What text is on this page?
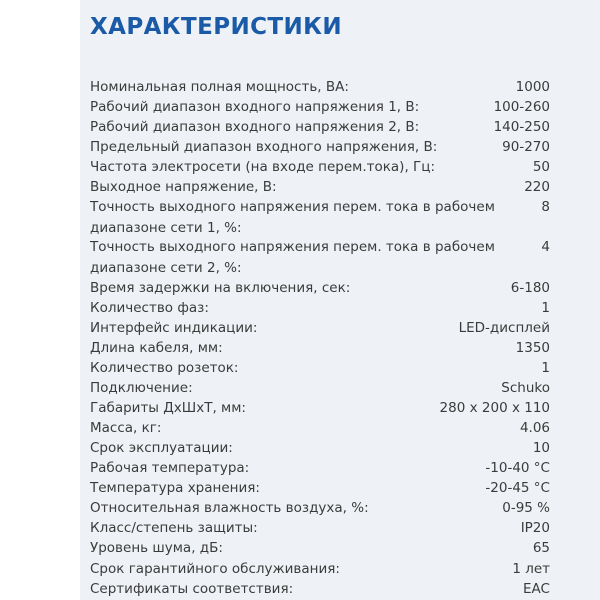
ХАРАКТЕРИСТИКИ
Номинальная полная мощность, ВА:	1000
Рабочий диапазон входного напряжения 1, В:	100-260
Рабочий диапазон входного напряжения 2, В:	140-250
Предельный диапазон входного напряжения, В:	90-270
Частота электросети (на входе перем.тока), Гц:	50
Выходное напряжение, В:	220
Точность выходного напряжения перем. тока в рабочем диапазоне сети 1, %:
8
Точность выходного напряжения перем. тока в рабочем диапазоне сети 2, %:
4
Время задержки на включения, сек:	6-180
Количество фаз:	1
Интерфейс индикации:	LED-дисплей
Длина кабеля, мм:	1350
Количество розеток:	1
Подключение:	Schuko
Габариты ДхШхТ, мм:	280 x 200 x 110
Масса, кг:	4.06
Срок эксплуатации:	10
Рабочая температура:	-10-40 °C
Температура хранения:	-20-45 °C
Относительная влажность воздуха, %:	0-95 %
Класс/степень защиты:	IP20
Уровень шума, дБ:	65
Срок гарантийного обслуживания:	1 лет
Сертификаты соответствия:	EAC
